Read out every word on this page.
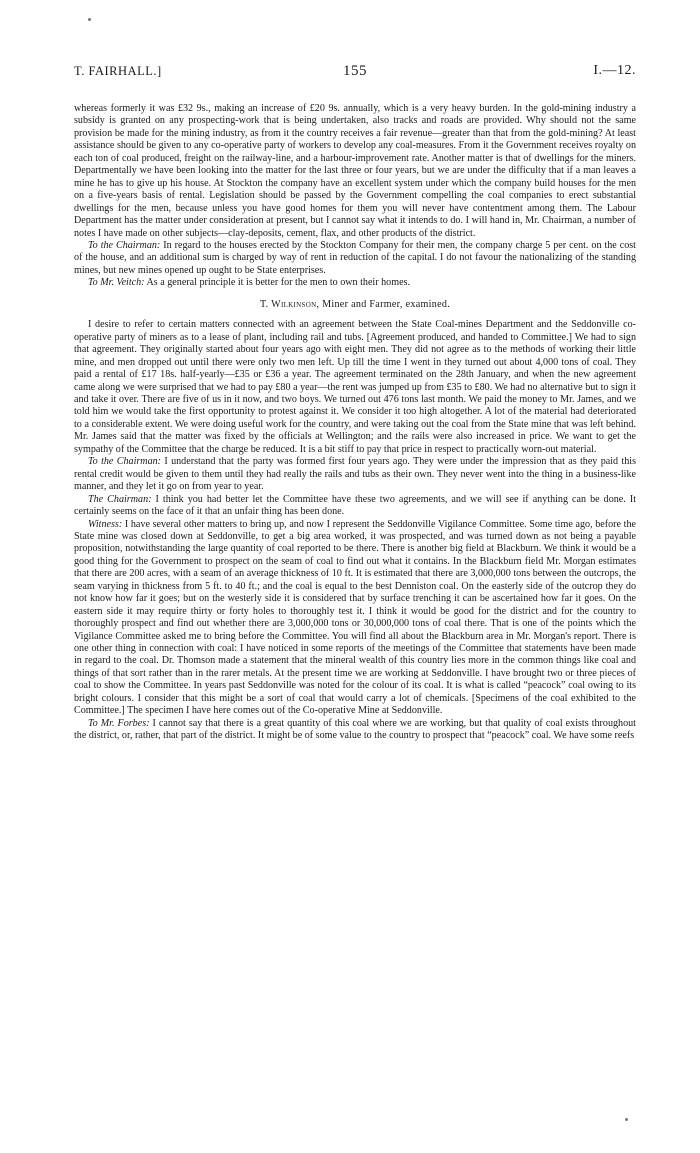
T. FAIRHALL.]	155	I.—12.

whereas formerly it was £32 9s., making an increase of £20 9s. annually, which is a very heavy burden. In the gold-mining industry a subsidy is granted on any prospecting-work that is being undertaken, also tracks and roads are provided. Why should not the same provision be made for the mining industry, as from it the country receives a fair revenue—greater than that from the gold-mining? At least assistance should be given to any co-operative party of workers to develop any coal-measures. From it the Government receives royalty on each ton of coal produced, freight on the railway-line, and a harbour-improvement rate. Another matter is that of dwellings for the miners. Departmentally we have been looking into the matter for the last three or four years, but we are under the difficulty that if a man leaves a mine he has to give up his house. At Stockton the company have an excellent system under which the company build houses for the men on a five-years basis of rental. Legislation should be passed by the Government compelling the coal companies to erect substantial dwellings for the men, because unless you have good homes for them you will never have contentment among them. The Labour Department has the matter under consideration at present, but I cannot say what it intends to do. I will hand in, Mr. Chairman, a number of notes I have made on other subjects—clay-deposits, cement, flax, and other products of the district.

To the Chairman: In regard to the houses erected by the Stockton Company for their men, the company charge 5 per cent. on the cost of the house, and an additional sum is charged by way of rent in reduction of the capital. I do not favour the nationalizing of the standing mines, but new mines opened up ought to be State enterprises.

To Mr. Veitch: As a general principle it is better for the men to own their homes.

T. Wilkinson, Miner and Farmer, examined.

I desire to refer to certain matters connected with an agreement between the State Coal-mines Department and the Seddonville co-operative party of miners as to a lease of plant, including rail and tubs. [Agreement produced, and handed to Committee.] We had to sign that agreement. They originally started about four years ago with eight men. They did not agree as to the methods of working their little mine, and men dropped out until there were only two men left. Up till the time I went in they turned out about 4,000 tons of coal. They paid a rental of £17 18s. half-yearly—£35 or £36 a year. The agreement terminated on the 28th January, and when the new agreement came along we were surprised that we had to pay £80 a year—the rent was jumped up from £35 to £80. We had no alternative but to sign it and take it over. There are five of us in it now, and two boys. We turned out 476 tons last month. We paid the money to Mr. James, and we told him we would take the first opportunity to protest against it. We consider it too high altogether. A lot of the material had deteriorated to a considerable extent. We were doing useful work for the country, and were taking out the coal from the State mine that was left behind. Mr. James said that the matter was fixed by the officials at Wellington; and the rails were also increased in price. We want to get the sympathy of the Committee that the charge be reduced. It is a bit stiff to pay that price in respect to practically worn-out material.

To the Chairman: I understand that the party was formed first four years ago. They were under the impression that as they paid this rental credit would be given to them until they had really the rails and tubs as their own. They never went into the thing in a business-like manner, and they let it go on from year to year.

The Chairman: I think you had better let the Committee have these two agreements, and we will see if anything can be done. It certainly seems on the face of it that an unfair thing has been done.

Witness: I have several other matters to bring up, and now I represent the Seddonville Vigilance Committee. Some time ago, before the State mine was closed down at Seddonville, to get a big area worked, it was prospected, and was turned down as not being a payable proposition, notwithstanding the large quantity of coal reported to be there. There is another big field at Blackburn. We think it would be a good thing for the Government to prospect on the seam of coal to find out what it contains. In the Blackburn field Mr. Morgan estimates that there are 200 acres, with a seam of an average thickness of 10 ft. It is estimated that there are 3,000,000 tons between the outcrops, the seam varying in thickness from 5 ft. to 40 ft.; and the coal is equal to the best Denniston coal. On the easterly side of the outcrop they do not know how far it goes; but on the westerly side it is considered that by surface trenching it can be ascertained how far it goes. On the eastern side it may require thirty or forty holes to thoroughly test it. I think it would be good for the district and for the country to thoroughly prospect and find out whether there are 3,000,000 tons or 30,000,000 tons of coal there. That is one of the points which the Vigilance Committee asked me to bring before the Committee. You will find all about the Blackburn area in Mr. Morgan's report. There is one other thing in connection with coal: I have noticed in some reports of the meetings of the Committee that statements have been made in regard to the coal. Dr. Thomson made a statement that the mineral wealth of this country lies more in the common things like coal and things of that sort rather than in the rarer metals. At the present time we are working at Seddonville. I have brought two or three pieces of coal to show the Committee. In years past Seddonville was noted for the colour of its coal. It is what is called “peacock” coal owing to its bright colours. I consider that this might be a sort of coal that would carry a lot of chemicals. [Specimens of the coal exhibited to the Committee.] The specimen I have here comes out of the Co-operative Mine at Seddonville.

To Mr. Forbes: I cannot say that there is a great quantity of this coal where we are working, but that quality of coal exists throughout the district, or, rather, that part of the district. It might be of some value to the country to prospect that “peacock” coal. We have some reefs
